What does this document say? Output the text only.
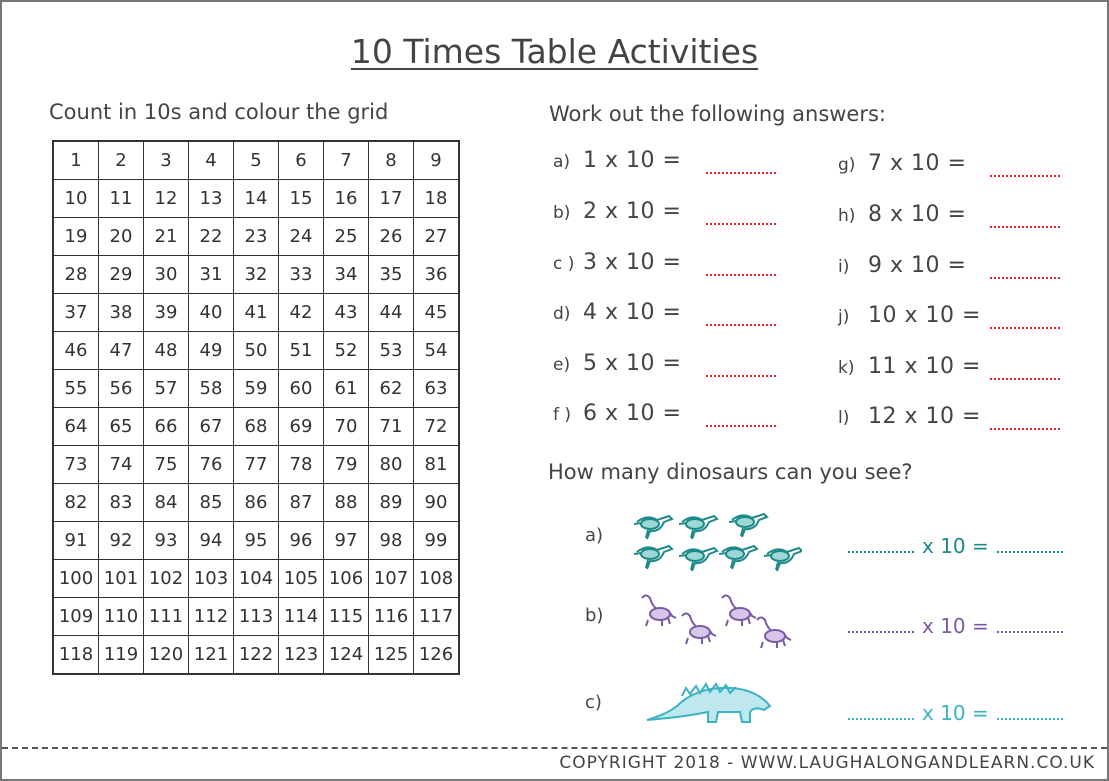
10 Times Table Activities
Count in 10s and colour the grid
1	2	3	4	5	6	7	8	9
10	11	12	13	14	15	16	17	18
19	20	21	22	23	24	25	26	27
28	29	30	31	32	33	34	35	36
37	38	39	40	41	42	43	44	45
46	47	48	49	50	51	52	53	54
55	56	57	58	59	60	61	62	63
64	65	66	67	68	69	70	71	72
73	74	75	76	77	78	79	80	81
82	83	84	85	86	87	88	89	90
91	92	93	94	95	96	97	98	99
100	101	102	103	104	105	106	107	108
109	110	111	112	113	114	115	116	117
118	119	120	121	122	123	124	125	126
Work out the following answers:
a) 1 x 10 =
b) 2 x 10 =
c ) 3 x 10 =
d) 4 x 10 =
e) 5 x 10 =
f ) 6 x 10 =
g) 7 x 10 =
h) 8 x 10 =
i) 9 x 10 =
j) 10 x 10 =
k) 11 x 10 =
l) 12 x 10 =
How many dinosaurs can you see?
a)	x 10 =
b)	x 10 =
c)	x 10 =
COPYRIGHT 2018 - WWW.LAUGHALONGANDLEARN.CO.UK
